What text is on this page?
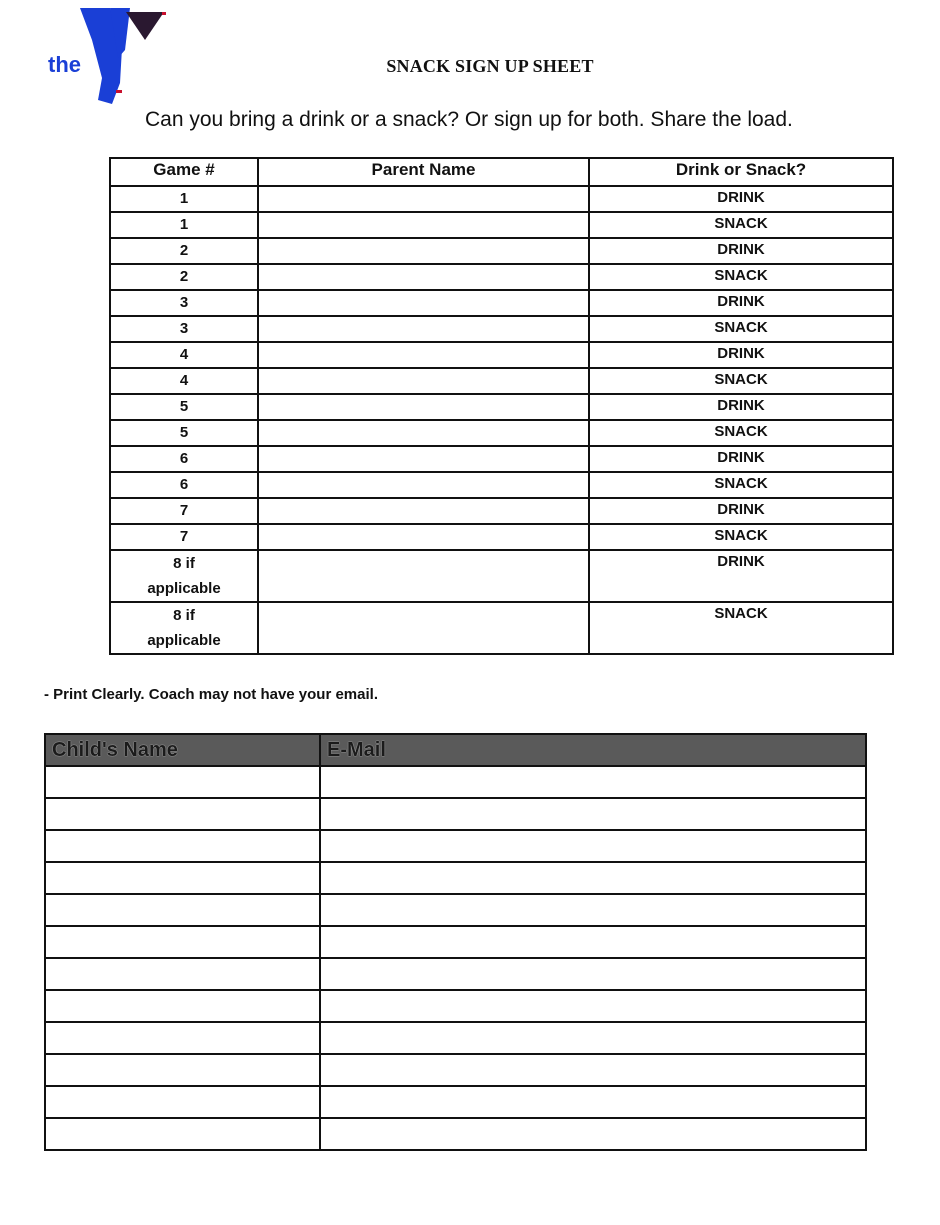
the	SNACK SIGN UP SHEET
Can you bring a drink or a snack? Or sign up for both. Share the load.
Game #	Parent Name	Drink or Snack?

1		DRINK

1		SNACK

2		DRINK

2		SNACK

3		DRINK

3		SNACK

4		DRINK

4		SNACK

5		DRINK

5		SNACK

6		DRINK

6		SNACK

7		DRINK

7		SNACK

8 if
applicable		DRINK

8 if
applicable		SNACK
- Print Clearly. Coach may not have your email.
Child's Name	E-Mail
